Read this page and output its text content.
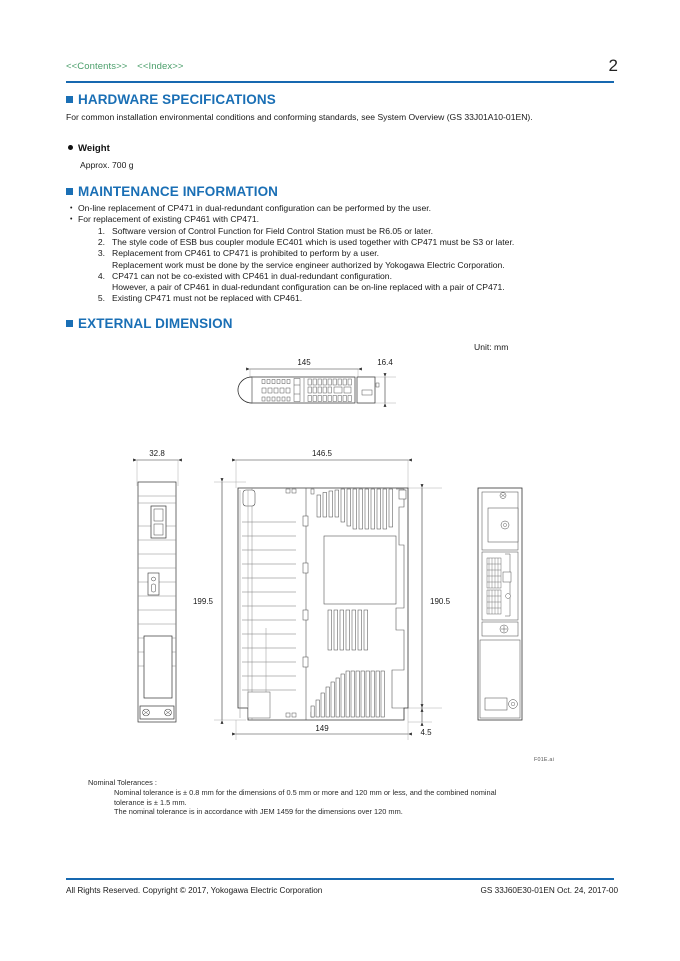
<<Contents>> <<Index>>	2
HARDWARE SPECIFICATIONS
For common installation environmental conditions and conforming standards, see System Overview (GS 33J01A10-01EN).
Weight
Approx. 700 g
MAINTENANCE INFORMATION
• On-line replacement of CP471 in dual-redundant configuration can be performed by the user.
• For replacement of existing CP461 with CP471.
1. Software version of Control Function for Field Control Station must be R6.05 or later.
2. The style code of ESB bus coupler module EC401 which is used together with CP471 must be S3 or later.
3. Replacement from CP461 to CP471 is prohibited to perform by a user.
Replacement work must be done by the service engineer authorized by Yokogawa Electric Corporation.
4. CP471 can not be co-existed with CP461 in dual-redundant configuration.
However, a pair of CP461 in dual-redundant configuration can be on-line replaced with a pair of CP471.
5. Existing CP471 must not be replaced with CP461.
EXTERNAL DIMENSION
Unit: mm
145	16.4
32.8	146.5
199.5	190.5
149	4.5
F01E.ai
Nominal Tolerances :
Nominal tolerance is ± 0.8 mm for the dimensions of 0.5 mm or more and 120 mm or less, and the combined nominal
tolerance is ± 1.5 mm.
The nominal tolerance is in accordance with JEM 1459 for the dimensions over 120 mm.
All Rights Reserved. Copyright © 2017, Yokogawa Electric Corporation	GS 33J60E30-01EN Oct. 24, 2017-00
